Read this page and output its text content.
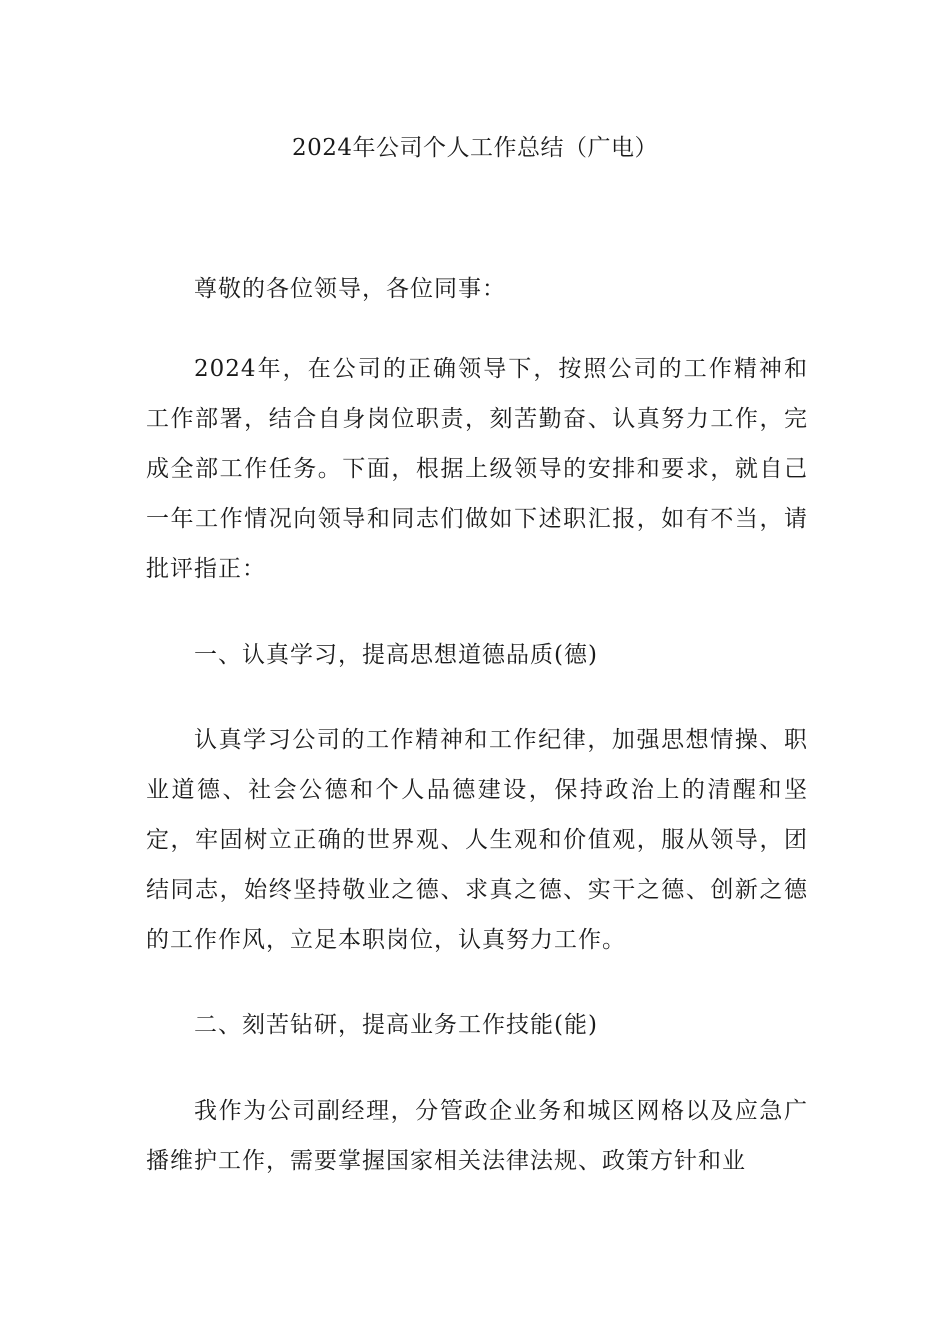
2024年公司个人工作总结（广电）

尊敬的各位领导，各位同事：

2024年，在公司的正确领导下，按照公司的工作精神和工作部署，结合自身岗位职责，刻苦勤奋、认真努力工作，完成全部工作任务。下面，根据上级领导的安排和要求，就自己一年工作情况向领导和同志们做如下述职汇报，如有不当，请批评指正：

一、认真学习，提高思想道德品质(德)

认真学习公司的工作精神和工作纪律，加强思想情操、职业道德、社会公德和个人品德建设，保持政治上的清醒和坚定，牢固树立正确的世界观、人生观和价值观，服从领导，团结同志，始终坚持敬业之德、求真之德、实干之德、创新之德的工作作风，立足本职岗位，认真努力工作。

二、刻苦钻研，提高业务工作技能(能)

我作为公司副经理，分管政企业务和城区网格以及应急广播维护工作，需要掌握国家相关法律法规、政策方针和业
